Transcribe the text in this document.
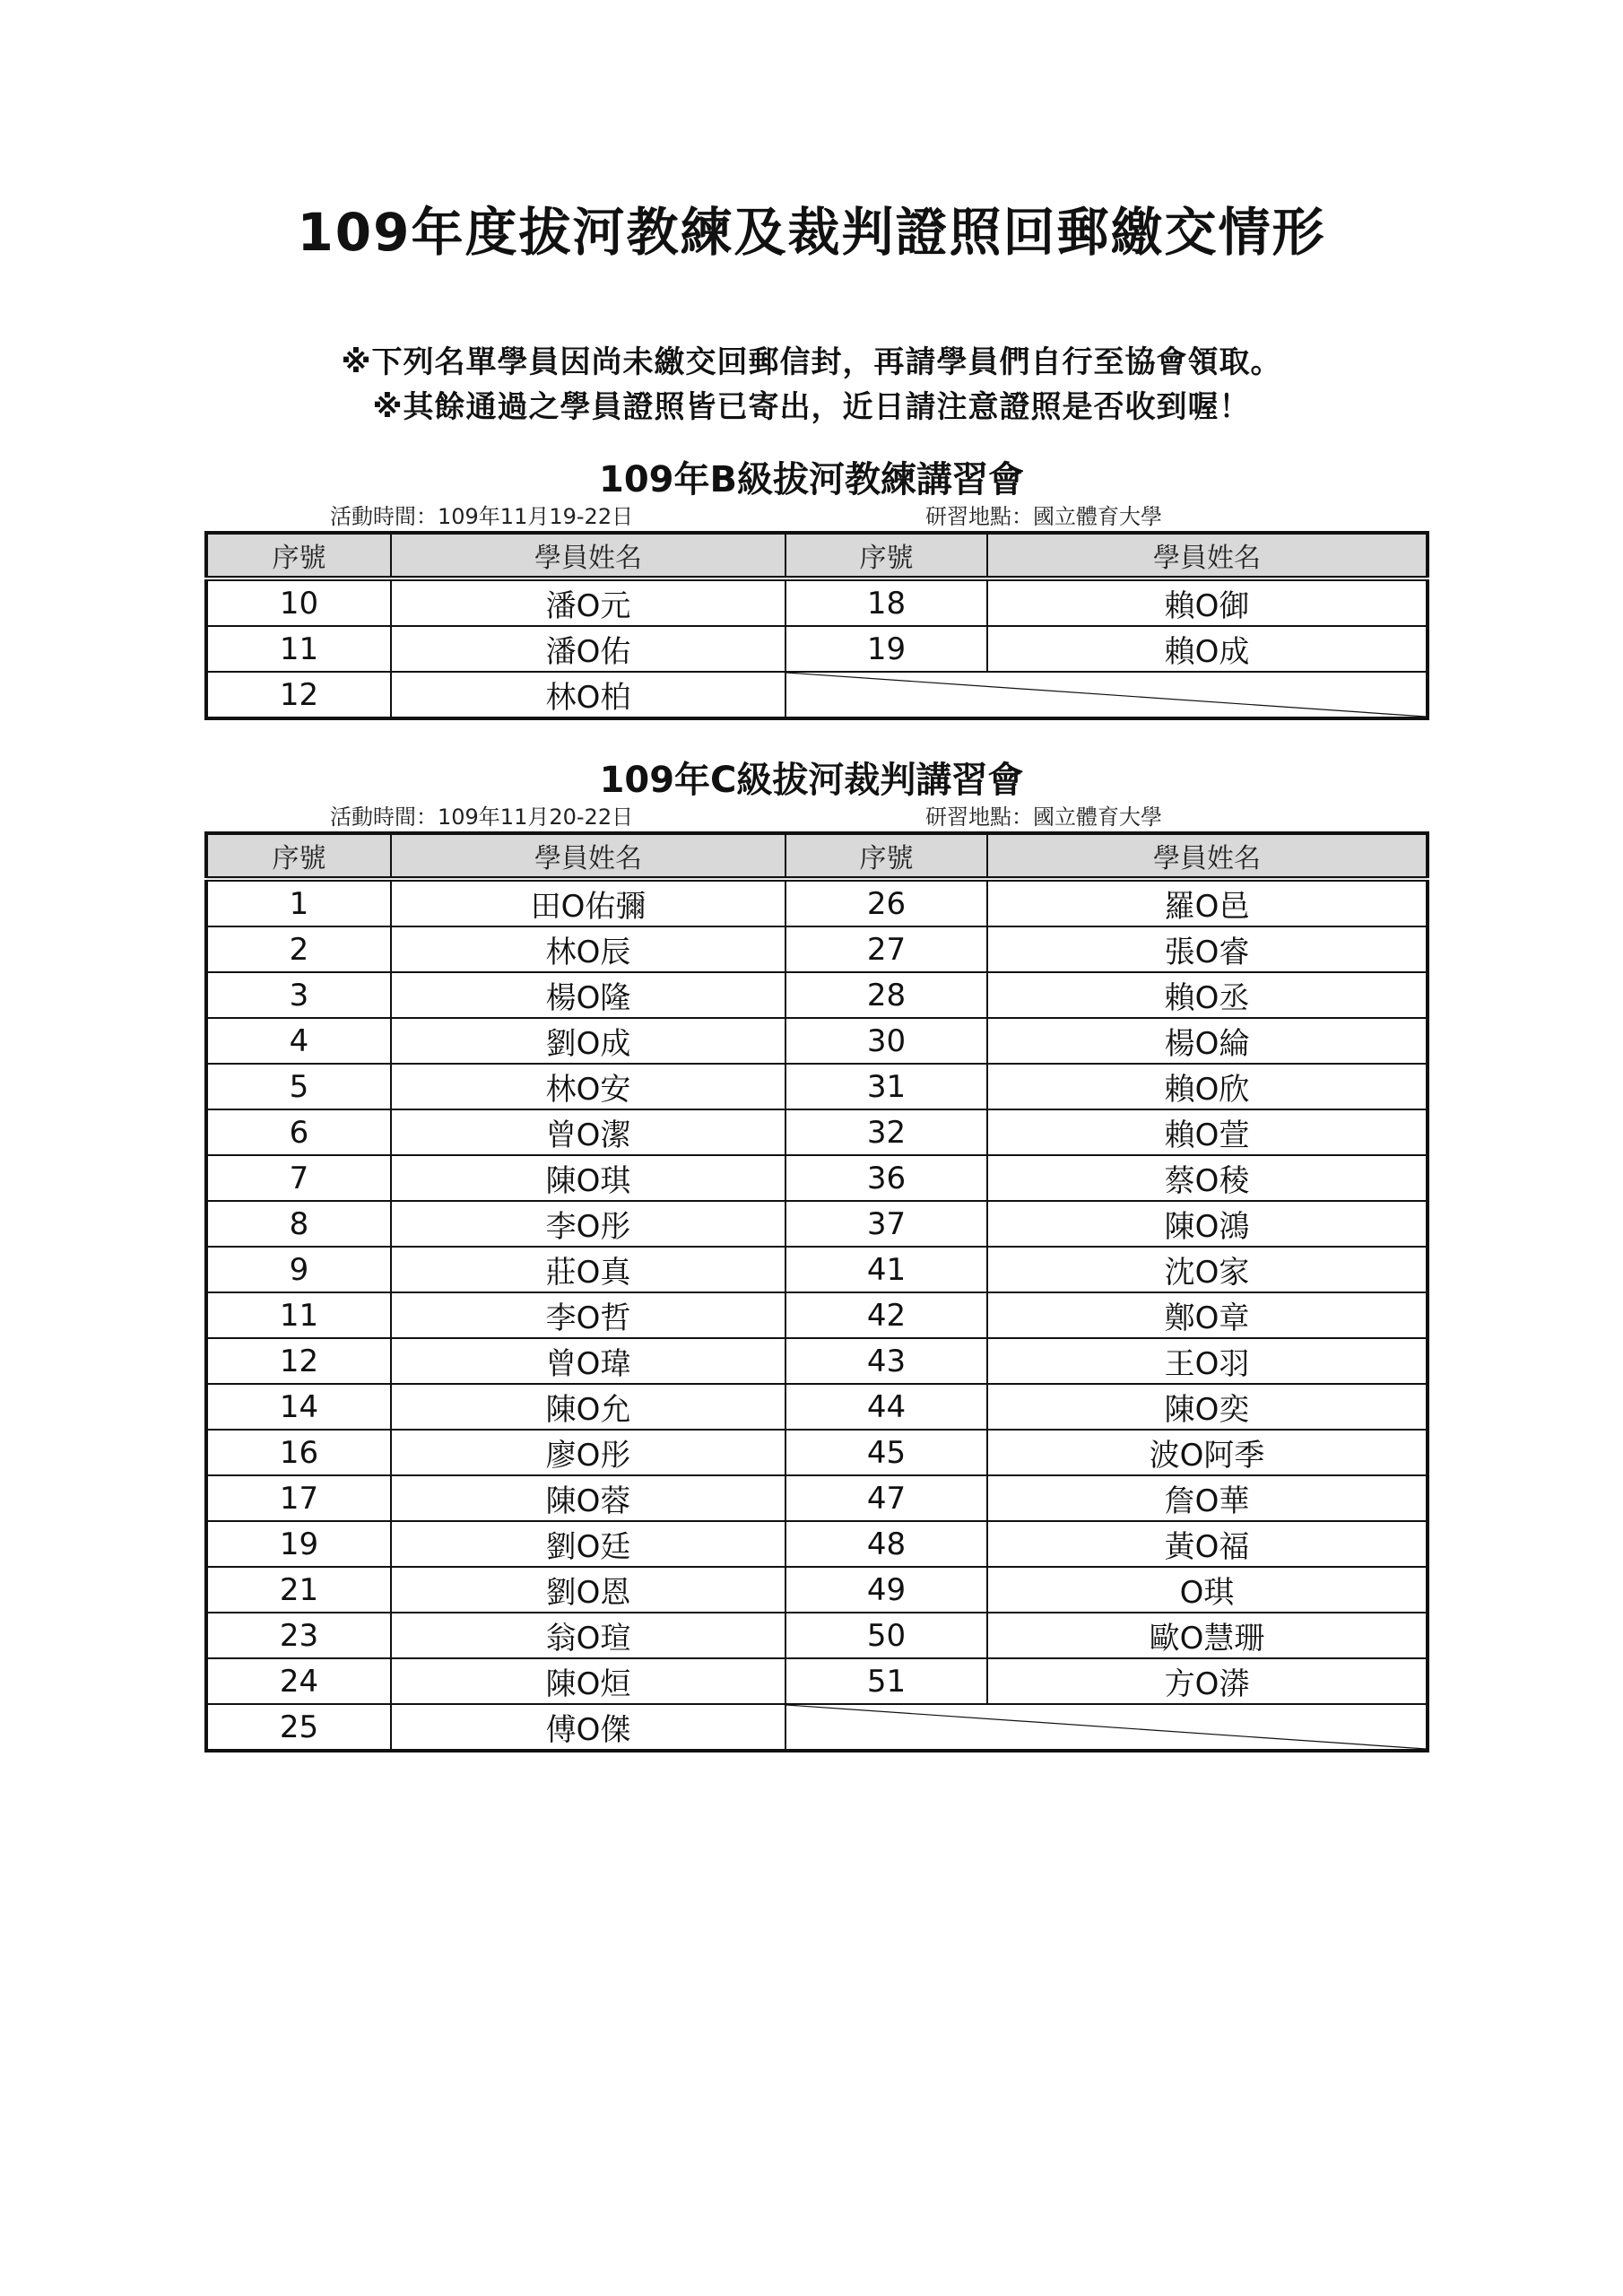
109年度拔河教練及裁判證照回郵繳交情形
※下列名單學員因尚未繳交回郵信封，再請學員們自行至協會領取。
※其餘通過之學員證照皆已寄出，近日請注意證照是否收到喔！
109年B級拔河教練講習會
活動時間：109年11月19-22日	研習地點：國立體育大學
序號	學員姓名	序號	學員姓名
10	潘O元	18	賴O御
11	潘O佑	19	賴O成
12	林O柏	
109年C級拔河裁判講習會
活動時間：109年11月20-22日	研習地點：國立體育大學
序號	學員姓名	序號	學員姓名
1	田O佑彌	26	羅O邑
2	林O辰	27	張O睿
3	楊O隆	28	賴O丞
4	劉O成	30	楊O綸
5	林O安	31	賴O欣
6	曾O潔	32	賴O萱
7	陳O琪	36	蔡O稜
8	李O彤	37	陳O鴻
9	莊O真	41	沈O家
11	李O哲	42	鄭O章
12	曾O瑋	43	王O羽
14	陳O允	44	陳O奕
16	廖O彤	45	波O阿季
17	陳O蓉	47	詹O華
19	劉O廷	48	黃O福
21	劉O恩	49	O琪
23	翁O瑄	50	歐O慧珊
24	陳O烜	51	方O漭
25	傅O傑	
